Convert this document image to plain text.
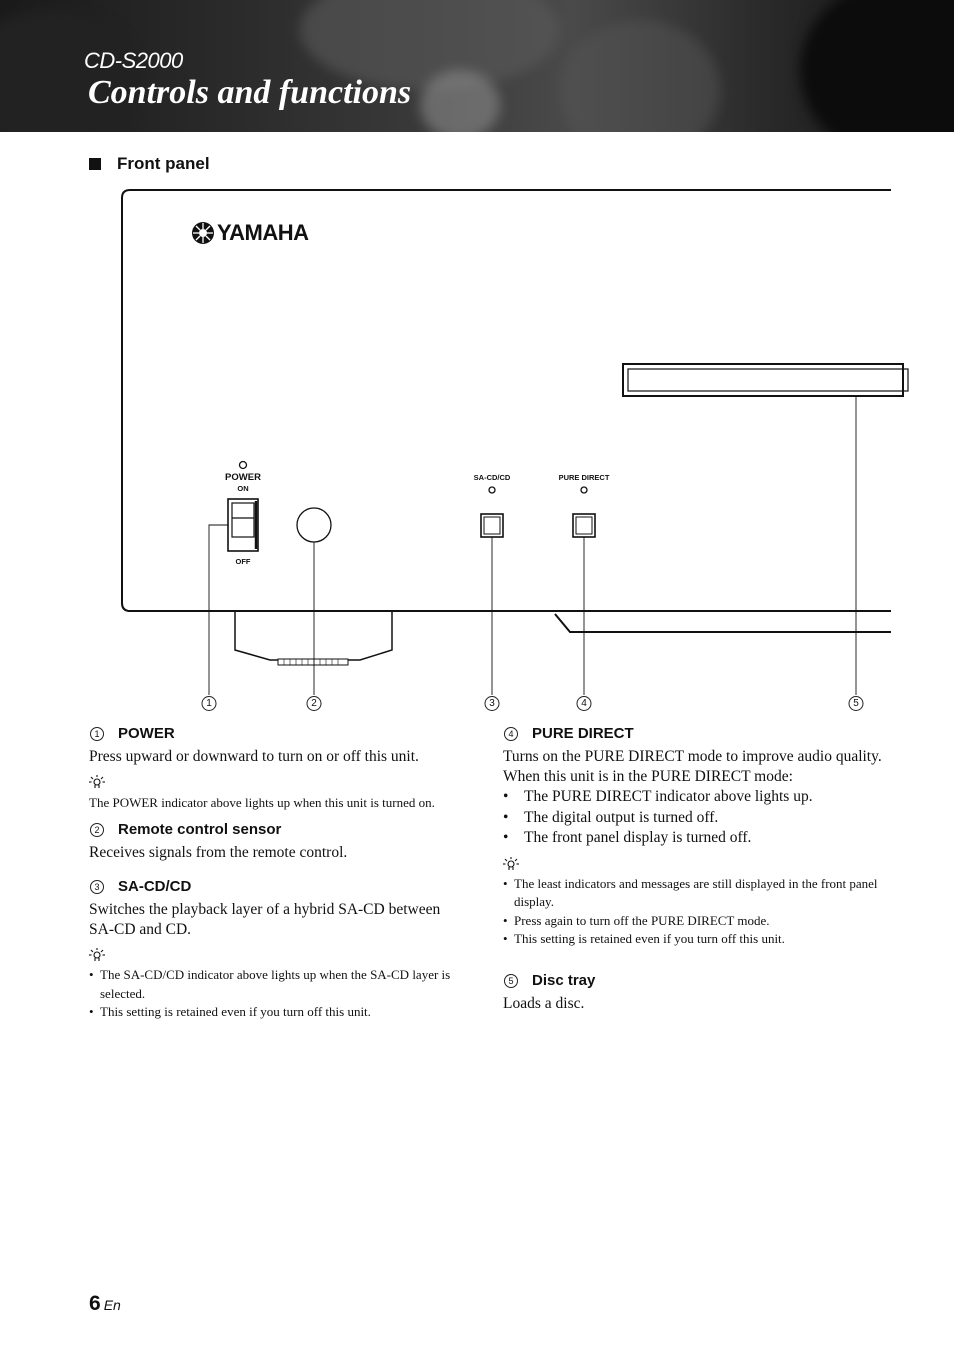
CD-S2000
Controls and functions
Front panel
YAMAHA
POWER
ON
OFF
SA-CD/CD	PURE DIRECT
1	2	3	4	5
1	POWER

Press upward or downward to turn on or off this unit.

The POWER indicator above lights up when this unit is turned on.

2	Remote control sensor

Receives signals from the remote control.

3	SA-CD/CD

Switches the playback layer of a hybrid SA-CD between SA-CD and CD.

• The SA-CD/CD indicator above lights up when the SA-CD layer is selected.
• This setting is retained even if you turn off this unit.
4	PURE DIRECT

Turns on the PURE DIRECT mode to improve audio quality.

When this unit is in the PURE DIRECT mode:

• The PURE DIRECT indicator above lights up.
• The digital output is turned off.
• The front panel display is turned off.
• The least indicators and messages are still displayed in the front panel display.
• Press again to turn off the PURE DIRECT mode.
• This setting is retained even if you turn off this unit.
5	Disc tray

Loads a disc.

6 En
